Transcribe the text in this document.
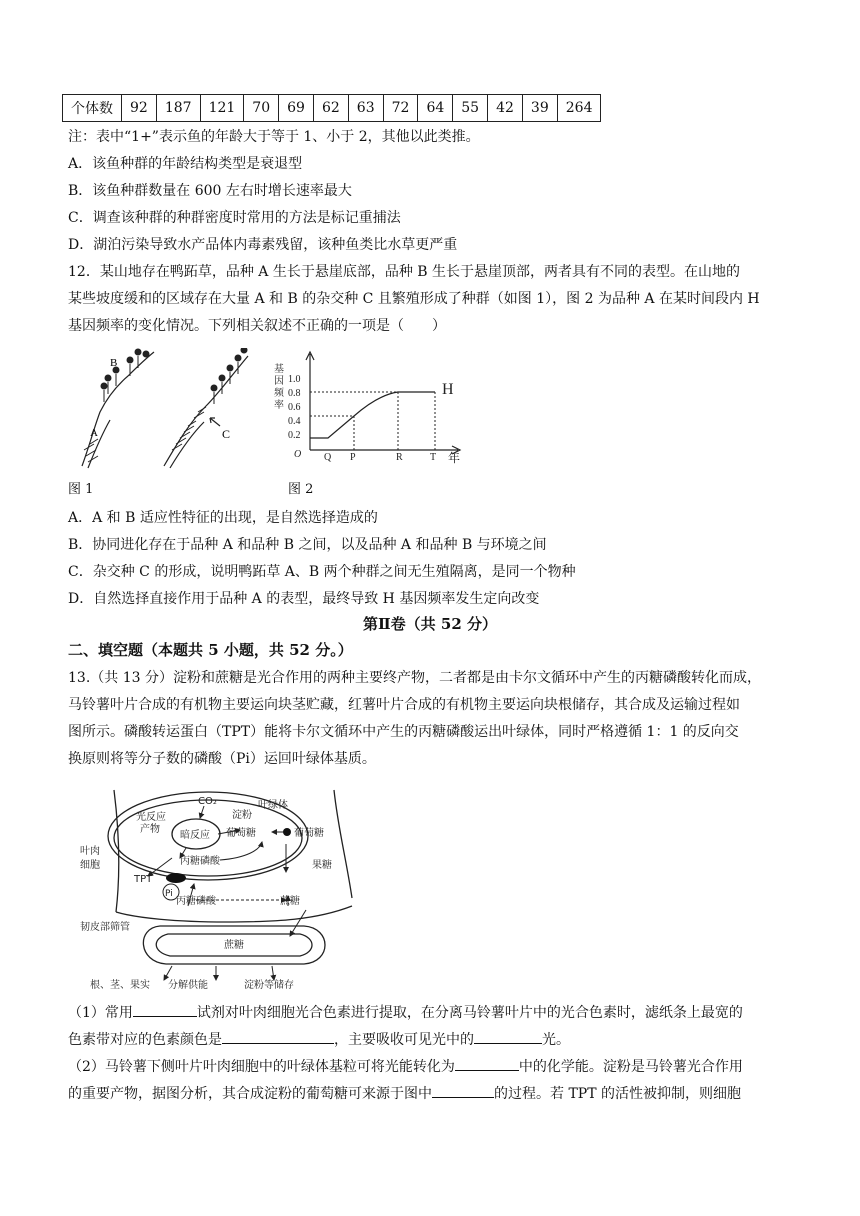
个体数	92	187	121	70	69	62	63	72	64	55	42	39	264
注：表中“1+”表示鱼的年龄大于等于 1、小于 2，其他以此类推。
A．该鱼种群的年龄结构类型是衰退型
B．该鱼种群数量在 600 左右时增长速率最大
C．调查该种群的种群密度时常用的方法是标记重捕法
D．湖泊污染导致水产品体内毒素残留，该种鱼类比水草更严重
12．某山地存在鸭跖草，品种 A 生长于悬崖底部，品种 B 生长于悬崖顶部，两者具有不同的表型。在山地的
某些坡度缓和的区域存在大量 A 和 B 的杂交种 C 且繁殖形成了种群（如图 1），图 2 为品种 A 在某时间段内 H
基因频率的变化情况。下列相关叙述不正确的一项是（　　）
B
A	C
图 1
基
因
频
率
1.0
0.8
0.6
0.4
0.2
O Q P	R	T 年
H
图 2
A．A 和 B 适应性特征的出现，是自然选择造成的
B．协同进化存在于品种 A 和品种 B 之间，以及品种 A 和品种 B 与环境之间
C．杂交种 C 的形成，说明鸭跖草 A、B 两个种群之间无生殖隔离，是同一个物种
D．自然选择直接作用于品种 A 的表型，最终导致 H 基因频率发生定向改变
第Ⅱ卷（共 52 分）
二、填空题（本题共 5 小题，共 52 分。）
13.（共 13 分）淀粉和蔗糖是光合作用的两种主要终产物，二者都是由卡尔文循环中产生的丙糖磷酸转化而成，
马铃薯叶片合成的有机物主要运向块茎贮藏，红薯叶片合成的有机物主要运向块根储存，其合成及运输过程如
图所示。磷酸转运蛋白（TPT）能将卡尔文循环中产生的丙糖磷酸运出叶绿体，同时严格遵循 1：1 的反向交
换原则将等分子数的磷酸（Pi）运回叶绿体基质。
CO₂	叶绿体
光反应
产物
暗反应
淀粉
葡萄糖	葡萄糖
丙糖磷酸	果糖
叶肉
细胞
TPT
Pi
丙糖磷酸	蔗糖
韧皮部筛管
蔗糖
根、茎、果实 分解供能	淀粉等储存
（1）常用	试剂对叶肉细胞光合色素进行提取，在分离马铃薯叶片中的光合色素时，滤纸条上最宽的
色素带对应的色素颜色是	，主要吸收可见光中的	光。
（2）马铃薯下侧叶片叶肉细胞中的叶绿体基粒可将光能转化为	中的化学能。淀粉是马铃薯光合作用
的重要产物，据图分析，其合成淀粉的葡萄糖可来源于图中	的过程。若 TPT 的活性被抑制，则细胞
